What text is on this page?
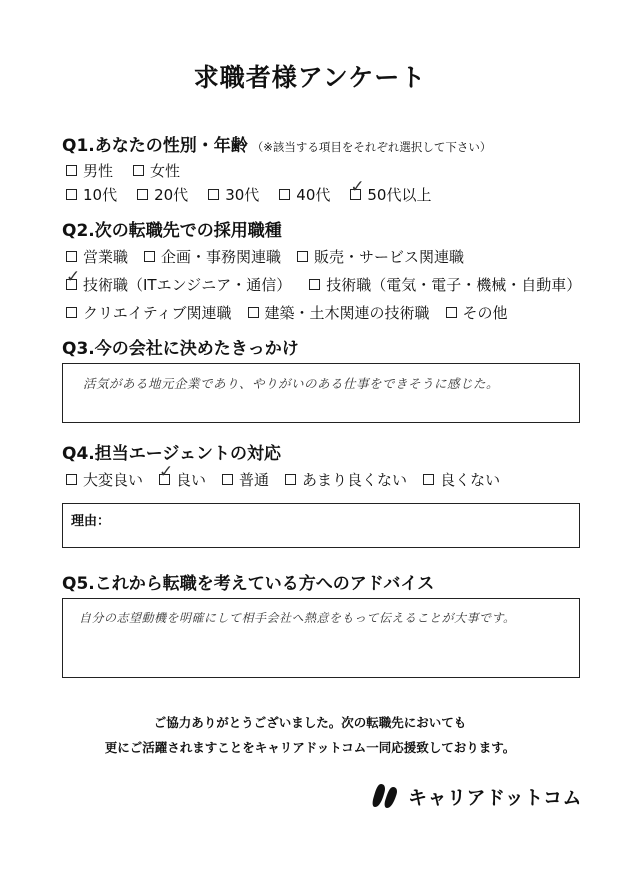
求職者様アンケート
Q1.あなたの性別・年齢 （※該当する項目をそれぞれ選択して下さい）
男性 女性
10代 20代 30代 40代 ✓ 50代以上
Q2.次の転職先での採用職種
営業職 企画・事務関連職 販売・サービス関連職
✓ 技術職（ITエンジニア・通信） 技術職（電気・電子・機械・自動車）
クリエイティブ関連職 建築・土木関連の技術職 その他
Q3.今の会社に決めたきっかけ
活気がある地元企業であり、やりがいのある仕事をできそうに感じた。
Q4.担当エージェントの対応
大変良い ✓ 良い 普通 あまり良くない 良くない
理由：
Q5.これから転職を考えている方へのアドバイス
自分の志望動機を明確にして相手会社へ熱意をもって伝えることが大事です。
ご協力ありがとうございました。次の転職先においても
更にご活躍されますことをキャリアドットコム一同応援致しております。
キャリアドットコム
